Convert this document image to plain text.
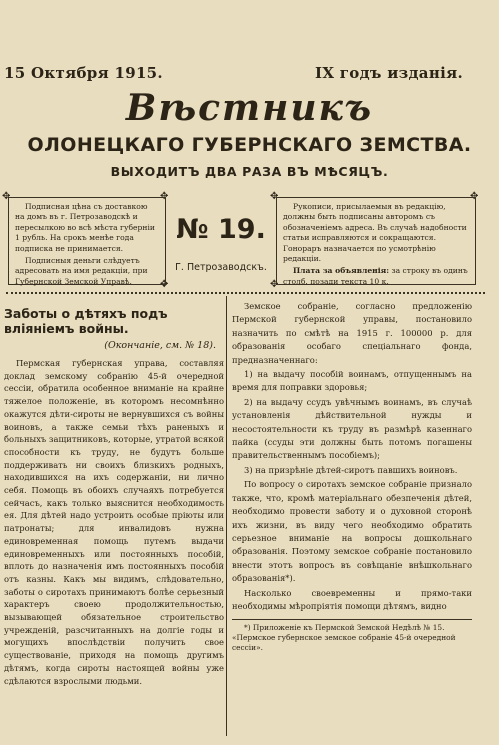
15 Октября 1915.	IX годъ изданія.
Вѣстникъ
ОЛОНЕЦКАГО ГУБЕРНСКАГО ЗЕМСТВА.
ВЫХОДИТЪ ДВА РАЗА ВЪ МѢСЯЦЪ.
✥	✥	✥	✥
✥	✥

Подписная цѣна съ доставкою на домъ въ г. Петрозаводскѣ и пересылкою во всѣ мѣста губерніи 1 рубль. На срокъ менѣе года подписка не принимается.

Подписныя деньги слѣдуетъ адресовать на имя редакціи, при Губернской Земской Управѣ.

№ 19.
Г. Петрозаводскъ.

Рукописи, присылаемыя въ редакцію, должны быть подписаны авторомъ съ обозначеніемъ адреса. Въ случаѣ надобности статьи исправляются и сокращаются. Гонораръ назначается по усмотрѣнію редакціи.

Плата за объявленія: за строку въ одинъ столб. позади текста 10 к.

Заботы о дѣтяхъ подъ вліяніемъ войны.
(Окончаніе, см. № 18).

Пермская губернская управа, составляя доклад земскому собранію 45-й очередной сессіи, обратила особенное вниманіе на крайне тяжелое положеніе, въ которомъ несомнѣнно окажутся дѣти-сироты не вернувшихся съ войны воиновъ, а также семьи тѣхъ раненыхъ и больныхъ защитниковъ, которые, утратой всякой способности къ труду, не будутъ больше поддерживать ни своихъ близкихъ родныхъ, находившихся на ихъ содержаніи, ни лично себя. Помощь въ обоихъ случаяхъ потребуется сейчасъ, какъ только выяснится необходимость ея. Для дѣтей надо устроить особые пріюты или патронаты; для инвалидовъ нужна единовременная помощь путемъ выдачи единовременныхъ или постоянныхъ пособій, вплоть до назначенія имъ постоянныхъ пособій отъ казны. Какъ мы видимъ, слѣдовательно, заботы о сиротахъ принимаютъ болѣе серьезный характеръ своею продолжительностью, вызывающей обязательное строительство учрежденій, разсчитанныхъ на долгіе годы и могущихъ впослѣдствіи получить свое существованіе, приходя на помощь другимъ дѣтямъ, когда сироты настоящей войны уже сдѣлаются взрослыми людьми.

Земское собраніе, согласно предложенію Пермской губернской управы, постановило назначить по смѣтѣ на 1915 г. 100000 р. для образованія особаго спеціальнаго фонда, предназначеннаго:

1) на выдачу пособій воинамъ, отпущеннымъ на время для поправки здоровья;

2) на выдачу ссудъ увѣчнымъ воинамъ, въ случаѣ установленія дѣйствительной нужды и несостоятельности къ труду въ размѣрѣ казеннаго пайка (ссуды эти должны быть потомъ погашены правительственнымъ пособіемъ);

3) на призрѣніе дѣтей-сиротъ павшихъ воиновъ.

По вопросу о сиротахъ земское собраніе признало также, что, кромѣ матеріальнаго обезпеченія дѣтей, необходимо провести заботу и о духовной сторонѣ ихъ жизни, въ виду чего необходимо обратить серьезное вниманіе на вопросы дошкольнаго образованія. Поэтому земское собраніе постановило внести этотъ вопросъ въ совѣщаніе внѣшкольнаго образованія*).

Насколько своевременны и прямо-таки необходимы мѣропріятія помощи дѣтямъ, видно

*) Приложеніе къ Пермской Земской Недѣлѣ № 15. «Пермское губернское земское собраніе 45-й очередной сессіи».
